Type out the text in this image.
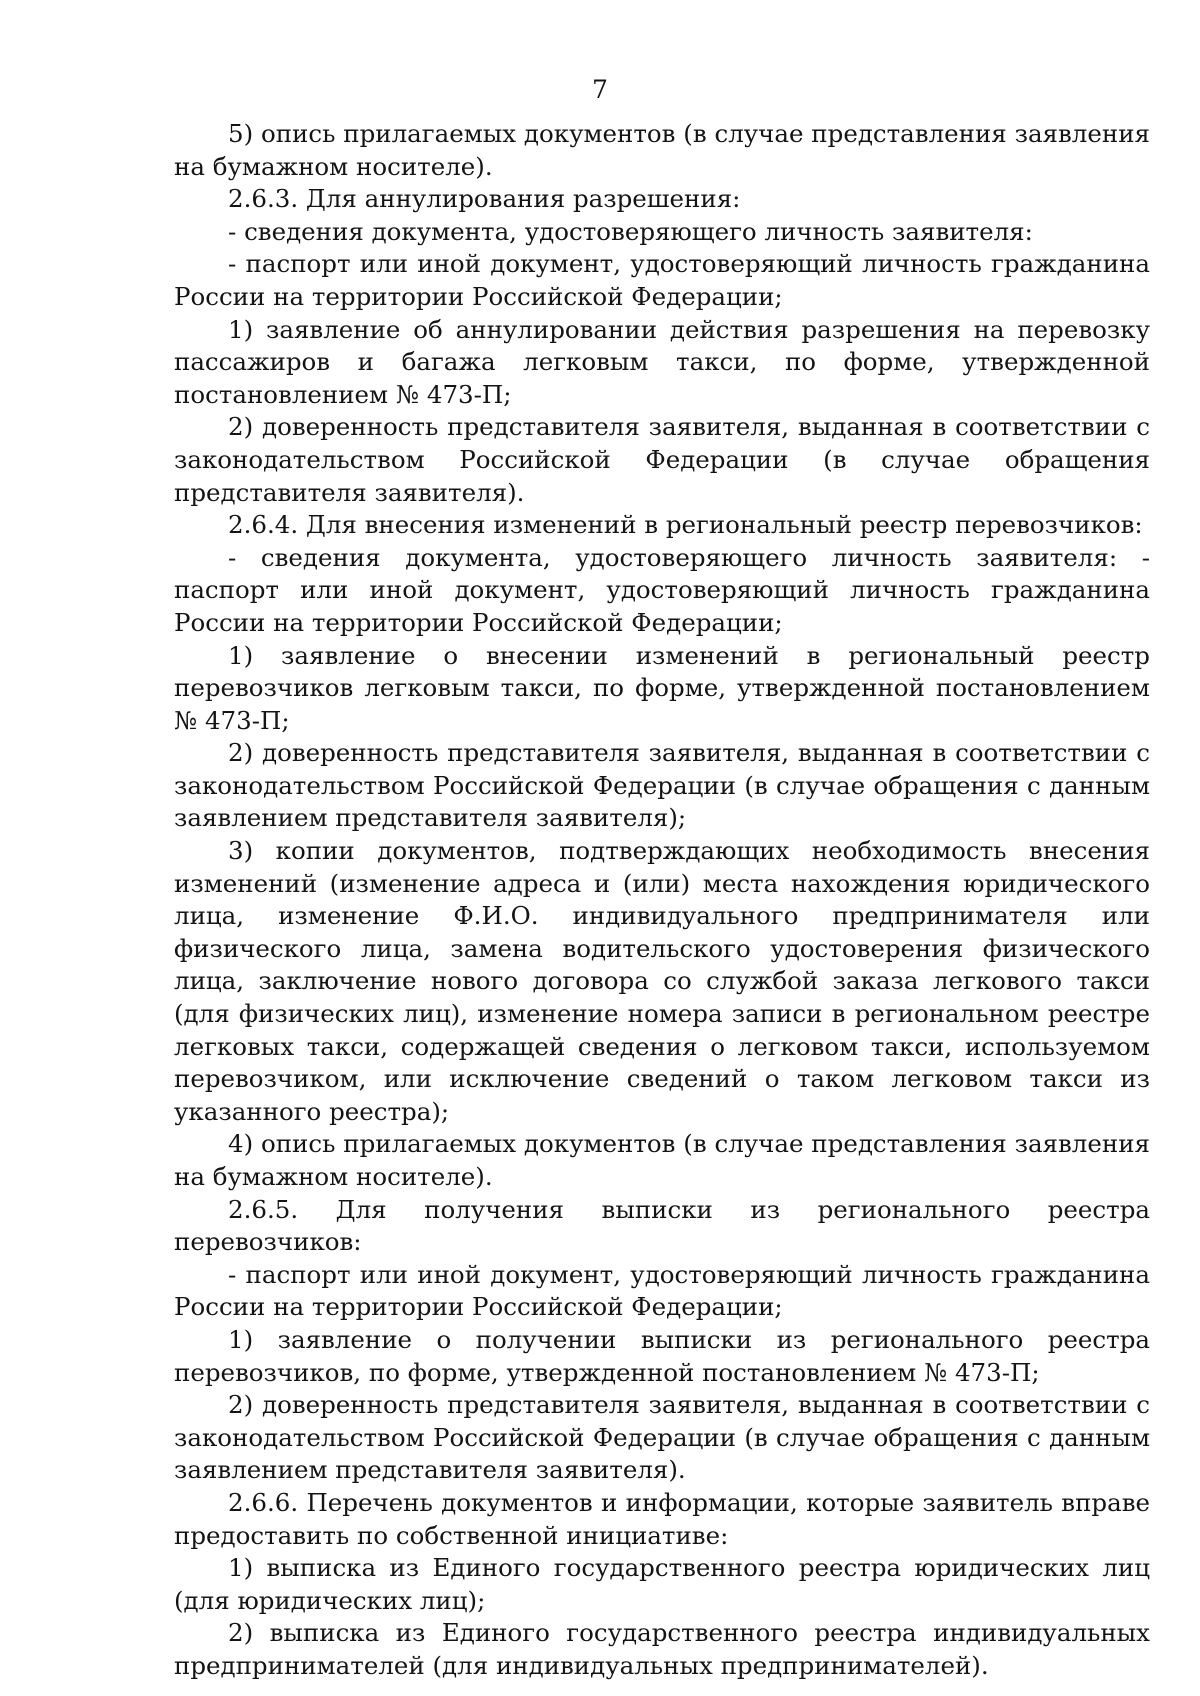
7

5) опись прилагаемых документов (в случае представления заявления на бумажном носителе).

2.6.3. Для аннулирования разрешения:

- сведения документа, удостоверяющего личность заявителя:

- паспорт или иной документ, удостоверяющий личность гражданина России на территории Российской Федерации;

1) заявление об аннулировании действия разрешения на перевозку пассажиров и багажа легковым такси, по форме, утвержденной постановлением № 473-П;

2) доверенность представителя заявителя, выданная в соответствии с законодательством Российской Федерации (в случае обращения представителя заявителя).

2.6.4. Для внесения изменений в региональный реестр перевозчиков:

- сведения документа, удостоверяющего личность заявителя: - паспорт или иной документ, удостоверяющий личность гражданина России на территории Российской Федерации;

1) заявление о внесении изменений в региональный реестр перевозчиков легковым такси, по форме, утвержденной постановлением № 473-П;

2) доверенность представителя заявителя, выданная в соответствии с законодательством Российской Федерации (в случае обращения с данным заявлением представителя заявителя);

3) копии документов, подтверждающих необходимость внесения изменений (изменение адреса и (или) места нахождения юридического лица, изменение Ф.И.О. индивидуального предпринимателя или физического лица, замена водительского удостоверения физического лица, заключение нового договора со службой заказа легкового такси (для физических лиц), изменение номера записи в региональном реестре легковых такси, содержащей сведения о легковом такси, используемом перевозчиком, или исключение сведений о таком легковом такси из указанного реестра);

4) опись прилагаемых документов (в случае представления заявления на бумажном носителе).

2.6.5. Для получения выписки из регионального реестра перевозчиков:

- паспорт или иной документ, удостоверяющий личность гражданина России на территории Российской Федерации;

1) заявление о получении выписки из регионального реестра перевозчиков, по форме, утвержденной постановлением № 473-П;

2) доверенность представителя заявителя, выданная в соответствии с законодательством Российской Федерации (в случае обращения с данным заявлением представителя заявителя).

2.6.6. Перечень документов и информации, которые заявитель вправе предоставить по собственной инициативе:

1) выписка из Единого государственного реестра юридических лиц (для юридических лиц);

2) выписка из Единого государственного реестра индивидуальных предпринимателей (для индивидуальных предпринимателей).
